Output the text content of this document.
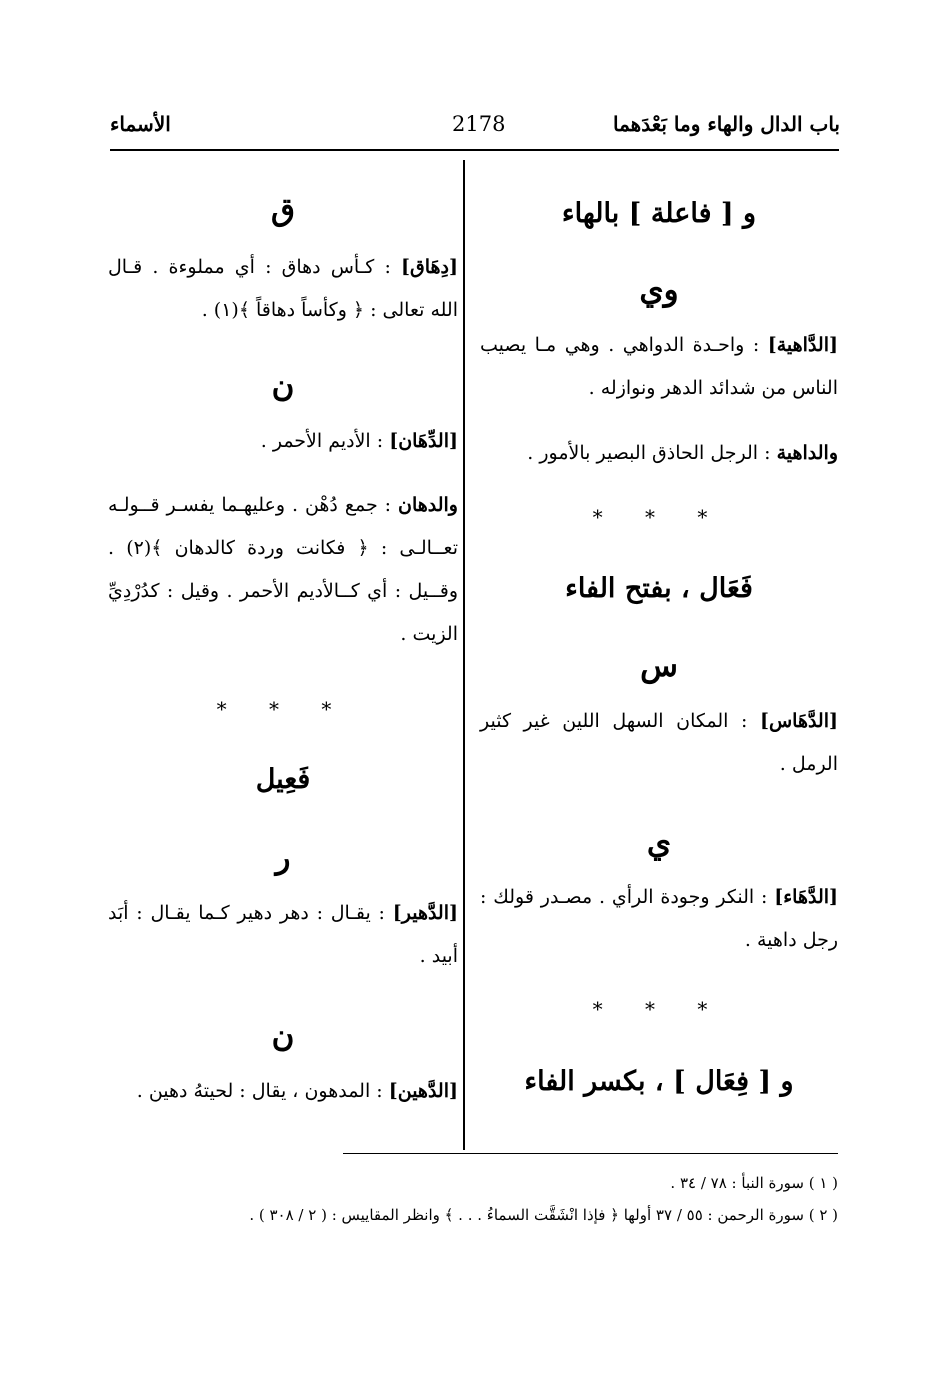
باب الدال والهاء وما بَعْدَهما
2178
الأسماء
و [ فاعلة ] بالهاء
وي
[الدَّاهية] : واحـدة الدواهي . وهي مـا يصيب الناس من شدائد الدهر ونوازله .
والداهية : الرجل الحاذق البصير بالأمور .
* * *
فَعَال ، بفتح الفاء
س
[الدَّهَاس] : المكان السهل اللين غير كثير الرمل .
ي
[الدَّهَاء] : النكر وجودة الرأي . مصـدر قولك : رجل داهية .
* * *
و [ فِعَال ] ، بكسر الفاء
ق
[دِهَاق] : كـأس دهاق : أي مملوءة . قـال الله تعالى : ﴿ وكأساً دهاقاً ﴾(١) .
ن
[الدِّهَان] : الأديم الأحمر .
والدهان : جمع دُهْن . وعليهـما يفسـر قــولـه تعــالـى : ﴿ فكانت وردة كالدهان ﴾(٢) . وقــيل : أي كــالأديم الأحمر . وقيل : كدُرْدِيِّ الزيت .
* * *
فَعِيل
ر
[الدَّهير] : يقـال : دهر دهير كـما يقـال : أبَد أبيد .
ن
[الدَّهين] : المدهون ، يقال : لحيتهُ دهين .
( ١ ) سورة النبأ : ٧٨ / ٣٤ .
( ٢ ) سورة الرحمن : ٥٥ / ٣٧ أولها ﴿ فإذا انْشَقَّت السماءُ . . . ﴾ وانظر المقاييس : ( ٢ / ٣٠٨ ) .
